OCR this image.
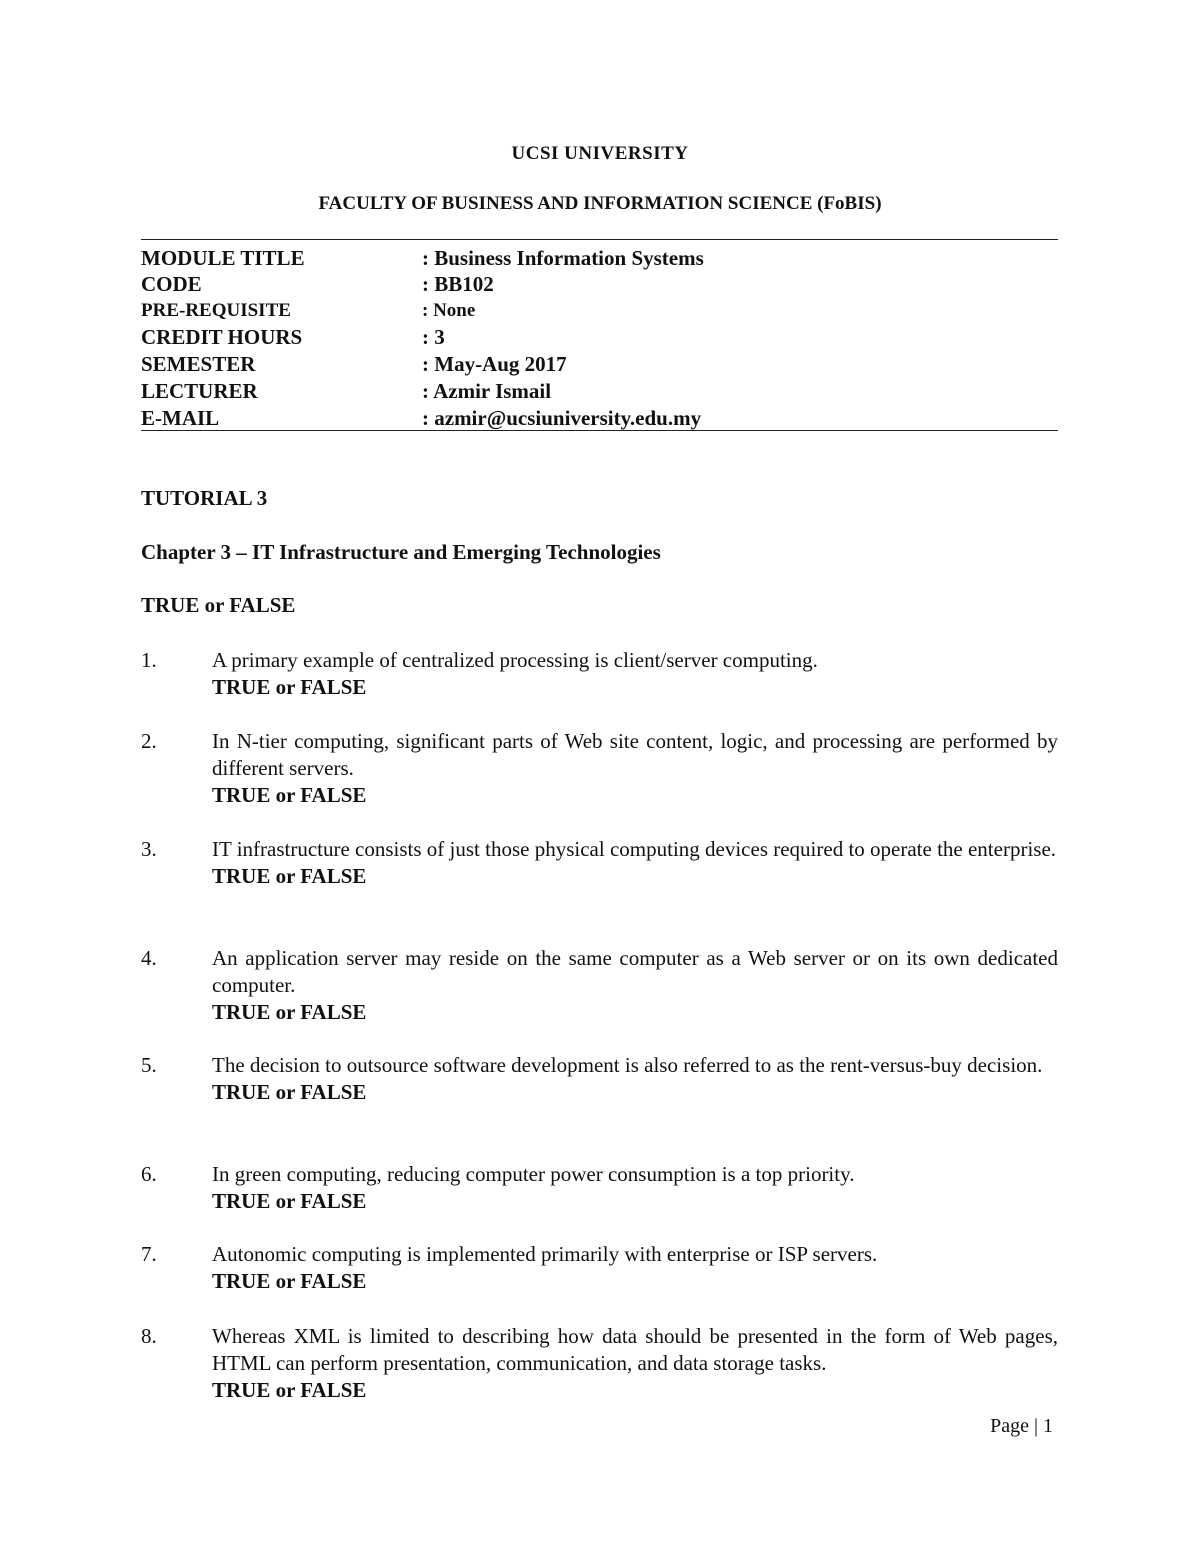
UCSI UNIVERSITY
FACULTY OF BUSINESS AND INFORMATION SCIENCE (FoBIS)
MODULE TITLE	: Business Information Systems
CODE	: BB102
PRE-REQUISITE	: None
CREDIT HOURS	: 3
SEMESTER	: May-Aug 2017
LECTURER	: Azmir Ismail
E-MAIL	: azmir@ucsiuniversity.edu.my
TUTORIAL 3
Chapter 3 – IT Infrastructure and Emerging Technologies
TRUE or FALSE
1.	A primary example of centralized processing is client/server computing.
TRUE or FALSE
2.	In N-tier computing, significant parts of Web site content, logic, and processing are performed by different servers.
TRUE or FALSE
3.	IT infrastructure consists of just those physical computing devices required to operate the enterprise.
TRUE or FALSE
4.	An application server may reside on the same computer as a Web server or on its own dedicated computer.
TRUE or FALSE
5.	The decision to outsource software development is also referred to as the rent-versus-buy decision.
TRUE or FALSE
6.	In green computing, reducing computer power consumption is a top priority.
TRUE or FALSE
7.	Autonomic computing is implemented primarily with enterprise or ISP servers.
TRUE or FALSE
8.	Whereas XML is limited to describing how data should be presented in the form of Web pages, HTML can perform presentation, communication, and data storage tasks.
TRUE or FALSE
Page | 1
